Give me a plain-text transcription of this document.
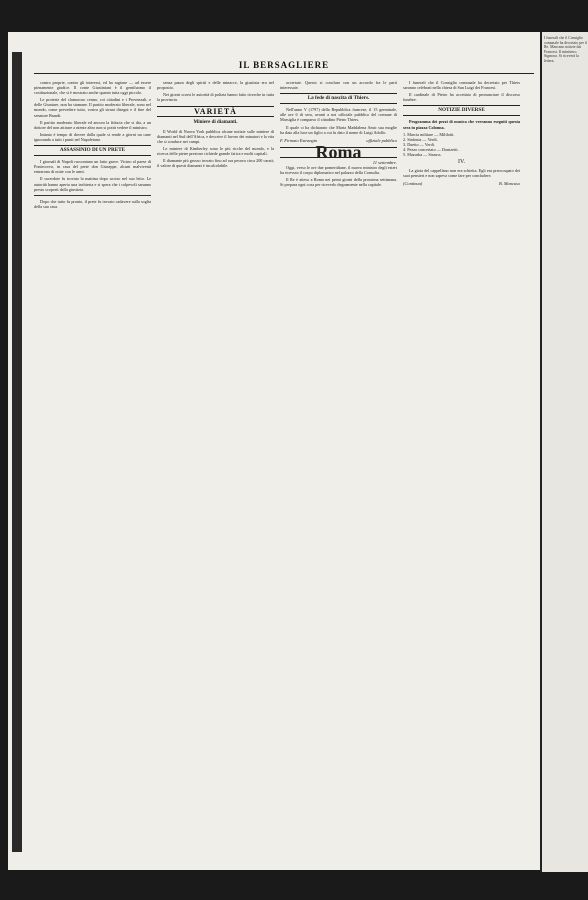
I funerali che il Consiglio comunale ha decretato per il Re. Mancano notizie dai Francesi. Il ministero. Sigmora. Si riceverà la lettera.
IL BERSAGLIERE

contro proprie, contro gli interessi, ed ha ragione — ad essere pienamente giudice. Il conte Giustiniani è il gentiluomo il costituzionale, che si è mostrato anche quanto tutta oggi piccolo.

Le proteste del clamoroso cenno, coi cittadini e i Provenzali, e delle Giunture, non ha stamane. Il partito moderato liberale, sono nel mondo, come prevedere tutto, vostra gli strani disegni e il fine del senatore Brandi.

Il partito moderato liberale ed ancora la fiducia che si dia, a un dottore del non attirare a niente altro non si potrà vedere il ministro.

Intanto è tempo di dovere dalla quale si rende a giorni un cane ignorando a tutti i punti nel Napoletano.

ASSASSINIO DI UN PRETE

I giornali di Napoli raccontano un fatto grave. Vicino al paese di Pontecorvo, in casa del prete don Giuseppe, alcuni malviventi entrarono di notte con le armi.

Il sacerdote fu trovato la mattina dopo ucciso nel suo letto. Le autorità hanno aperto una inchiesta e si spera che i colpevoli saranno presto scoperti dalla giustizia.

Dopo che tutto fu pronto, il prete fu trovato cadavere sulla soglia della sua casa.

senza paura degli spiriti e delle minacce, la giustizia era nel proposito.

Nei giorni scorsi le autorità di polizia hanno fatto ricerche in tutta la provincia.

VARIETÀ
Miniere di diamanti.

Il World di Nuova York pubblica alcune notizie sulle miniere di diamanti nel Sud dell'Africa, e descrive il lavoro dei minatori e la vita che si conduce nei campi.

Le miniere di Kimberley sono le più ricche del mondo, e la ricerca delle pietre preziose richiede grande fatica e molti capitali.

Il diamante più grosso trovato fino ad ora pesava circa 200 carati; il valore di questi diamanti è incalcolabile.

accertate. Questo si concluse con un accordo fra le parti interessate.

La fede di nascita di Thiers.

Nell'anno V (1797) della Repubblica francese, il 15 germinale, alle ore 6 di sera, avanti a noi ufficiale pubblico del comune di Marsiglia è comparso il cittadino Pietro Thiers.

Il quale ci ha dichiarato che Maria Maddalena Amic sua moglie ha dato alla luce un figlio a cui fu dato il nome di Luigi Adolfo.

F. Firmato Estrangin	uffiziale pubblico
Roma
11 settembre.

Oggi, verso le ore due pomeridiane, il nuovo ministro degli esteri ha ricevuto il corpo diplomatico nel palazzo della Consulta.

Il Re è atteso a Roma nei primi giorni della prossima settimana. Si prepara ogni cosa per riceverlo degnamente nella capitale.

I funerali che il Consiglio comunale ha decretato per Thiers saranno celebrati nella chiesa di San Luigi dei Francesi.

Il cardinale di Pietro ha accettato di pronunciare il discorso funebre.

NOTIZIE DIVERSE

Programma dei pezzi di musica che verranno eseguiti questa sera in piazza Colonna.

1. Marcia militare — Mililotti.
2. Sinfonia — Verdi.
3. Duetto — Verdi.
4. Pezzo concertato — Donizetti.
5. Mazurka — Strauss.
IV.

La gioia del cappellano non era schietta. Egli era preoccupato dei suoi pensieri e non sapeva come fare per concludere.

(Continua)	B. Mancuso
